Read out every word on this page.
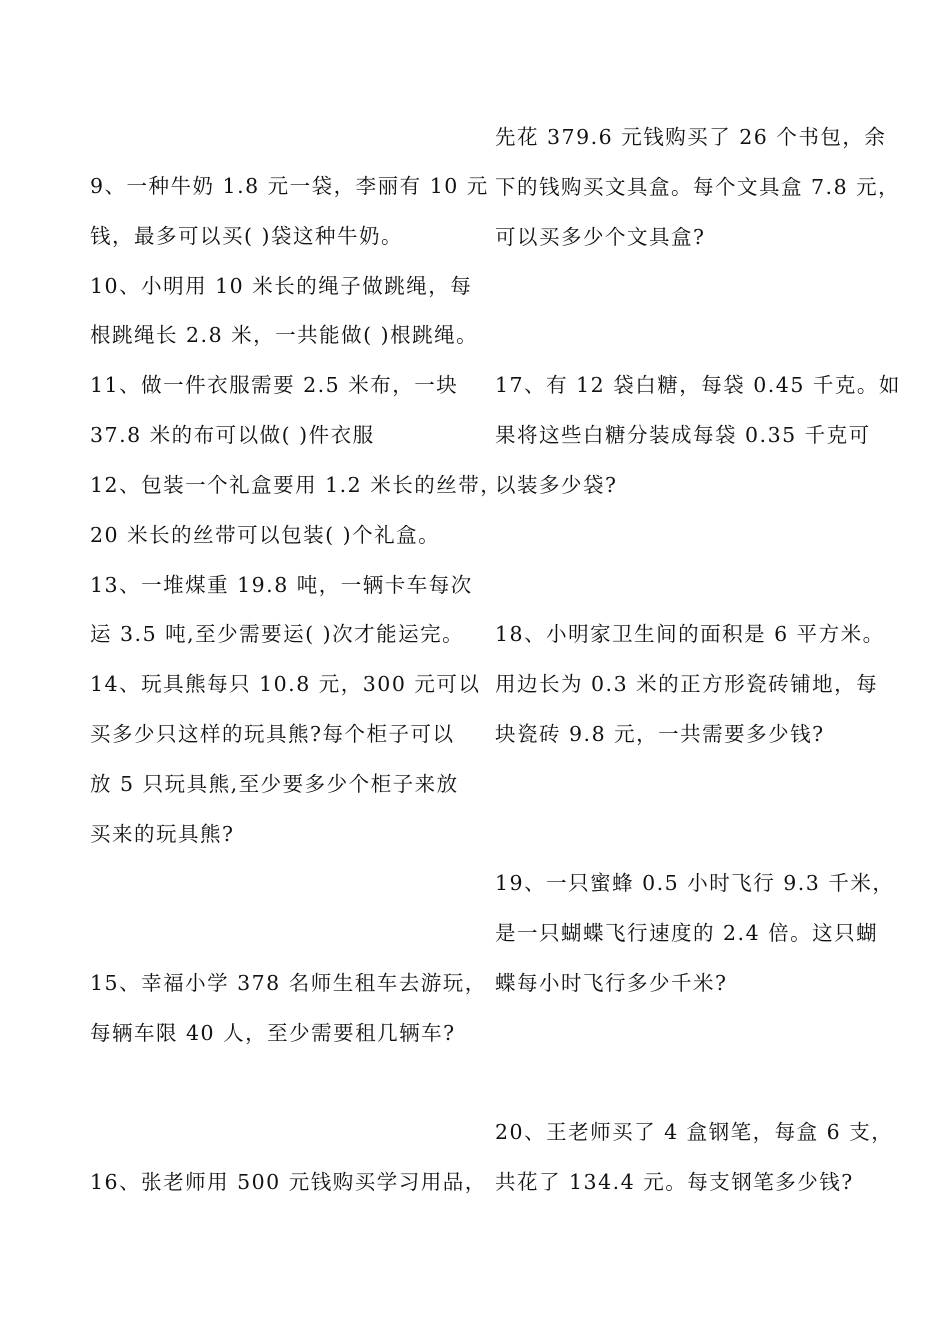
9、一种牛奶 1.8 元一袋，李丽有 10 元
钱，最多可以买( )袋这种牛奶。
10、小明用 10 米长的绳子做跳绳，每
根跳绳长 2.8 米，一共能做( )根跳绳。
11、做一件衣服需要 2.5 米布，一块
37.8 米的布可以做( )件衣服
12、包装一个礼盒要用 1.2 米长的丝带，
20 米长的丝带可以包装( )个礼盒。
13、一堆煤重 19.8 吨，一辆卡车每次
运 3.5 吨,至少需要运( )次才能运完。
14、玩具熊每只 10.8 元，300 元可以
买多少只这样的玩具熊?每个柜子可以
放 5 只玩具熊,至少要多少个柜子来放
买来的玩具熊?
15、幸福小学 378 名师生租车去游玩，
每辆车限 40 人，至少需要租几辆车?
16、张老师用 500 元钱购买学习用品，
先花 379.6 元钱购买了 26 个书包，余
下的钱购买文具盒。每个文具盒 7.8 元，
可以买多少个文具盒?
17、有 12 袋白糖，每袋 0.45 千克。如
果将这些白糖分装成每袋 0.35 千克可
以装多少袋?
18、小明家卫生间的面积是 6 平方米。
用边长为 0.3 米的正方形瓷砖铺地，每
块瓷砖 9.8 元，一共需要多少钱?
19、一只蜜蜂 0.5 小时飞行 9.3 千米，
是一只蝴蝶飞行速度的 2.4 倍。这只蝴
蝶每小时飞行多少千米?
20、王老师买了 4 盒钢笔，每盒 6 支，
共花了 134.4 元。每支钢笔多少钱?
